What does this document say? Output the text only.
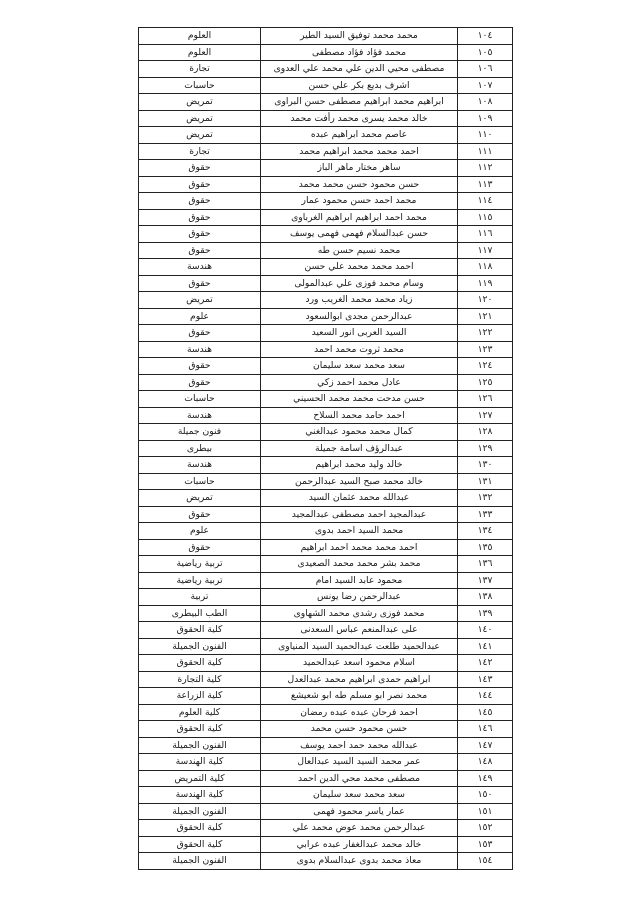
١٠٤	محمد محمد توفيق السيد الطير	العلوم
١٠٥	محمد فؤاد فؤاد مصطفى	العلوم
١٠٦	مصطفى محيي الدين علي محمد علي العدوى	تجارة
١٠٧	اشرف بديع بكر علي حسن	حاسبات
١٠٨	ابراهيم محمد ابراهيم مصطفى حسن البراوى	تمريض
١٠٩	خالد محمد يسرى محمد رأفت محمد	تمريض
١١٠	عاصم محمد ابراهيم عبده	تمريض
١١١	احمد محمد محمد ابراهيم محمد	تجارة
١١٢	ساهر مختار ماهر الباز	حقوق
١١٣	حسن محمود حسن محمد محمد	حقوق
١١٤	محمد احمد حسن محمود عمار	حقوق
١١٥	محمد احمد ابراهيم ابراهيم الغرباوى	حقوق
١١٦	حسن عبدالسلام فهمى فهمى يوسف	حقوق
١١٧	محمد نسيم حسن طه	حقوق
١١٨	احمد محمد محمد علي حسن	هندسة
١١٩	وسام محمد فوزى علي عبدالمولى	حقوق
١٢٠	زياد محمد محمد الغريب ورد	تمريض
١٢١	عبدالرحمن مجدى ابوالسعود	علوم
١٢٢	السيد العربى انور السعيد	حقوق
١٢٣	محمد ثروت محمد احمد	هندسة
١٢٤	سعد محمد سعد سليمان	حقوق
١٢٥	عادل محمد احمد زكي	حقوق
١٢٦	حسن مدحت محمد محمد الحسيني	حاسبات
١٢٧	احمد حامد محمد السلاح	هندسة
١٢٨	كمال محمد محمود عبدالغني	فنون جميلة
١٢٩	عبدالرؤف اسامة جميلة	بيطرى
١٣٠	خالد وليد محمد ابراهيم	هندسة
١٣١	خالد محمد صبح السيد عبدالرحمن	حاسبات
١٣٢	عبدالله محمد عثمان السيد	تمريض
١٣٣	عبدالمجيد احمد مصطفى عبدالمجيد	حقوق
١٣٤	محمد السيد احمد بدوى	علوم
١٣٥	احمد محمد محمد احمد ابراهيم	حقوق
١٣٦	محمد بشر محمد محمد الصعيدى	تربية رياضية
١٣٧	محمود عابد السيد امام	تربية رياضية
١٣٨	عبدالرحمن رضا يونس	تربية
١٣٩	محمد فوزى رشدى محمد الشهاوى	الطب البيطرى
١٤٠	على عبدالمنعم عباس السعدنى	كلية الحقوق
١٤١	عبدالحميد طلعت عبدالحميد السيد المنياوى	الفنون الجميلة
١٤٢	اسلام محمود اسعد عبدالحميد	كلية الحقوق
١٤٣	ابراهيم حمدى ابراهيم محمد عبدالعدل	كلية التجارة
١٤٤	محمد نصر ابو مسلم طه ابو شعيشع	كلية الزراعة
١٤٥	احمد فرحان عبده عبده رمضان	كلية العلوم
١٤٦	حسن محمود حسن محمد	كلية الحقوق
١٤٧	عبدالله محمد حمد احمد يوسف	الفنون الجميلة
١٤٨	عمر محمد السيد السيد عبدالعال	كلية الهندسة
١٤٩	مصطفى محمد محي الدين احمد	كلية التمريض
١٥٠	سعد محمد سعد سليمان	كلية الهندسة
١٥١	عمار ياسر محمود فهمى	الفنون الجميلة
١٥٢	عبدالرحمن محمد عوض محمد علي	كلية الحقوق
١٥٣	خالد محمد عبدالغفار عبده عرابي	كلية الحقوق
١٥٤	معاذ محمد بدوى عبدالسلام بدوى	الفنون الجميلة
